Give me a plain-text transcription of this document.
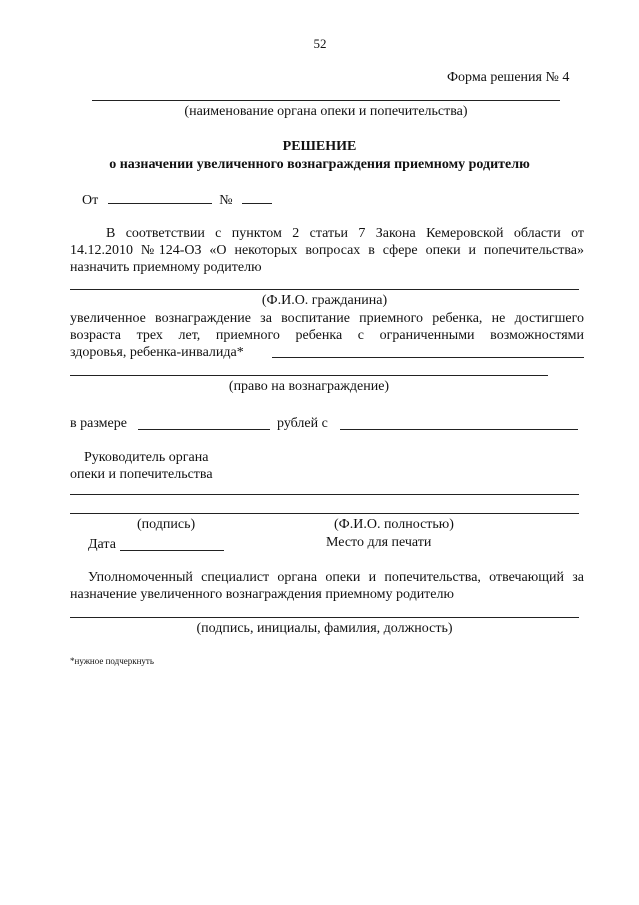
52
Форма решения № 4
(наименование органа опеки и попечительства)
РЕШЕНИЕ
о назначении увеличенного вознаграждения приемному родителю
От	№
В соответствии с пунктом 2 статьи 7 Закона Кемеровской области от
14.12.2010 №124-ОЗ «О некоторых вопросах в сфере опеки и попечительства»
назначить приемному родителю
(Ф.И.О. гражданина)
увеличенное вознаграждение за воспитание приемного ребенка, не достигшего
возраста трех лет, приемного ребенка с ограниченными возможностями
здоровья, ребенка-инвалида*
(право на вознаграждение)
в размере	рублей с
Руководитель органа
опеки и попечительства
(подпись)	(Ф.И.О. полностью)
Дата	Место для печати
Уполномоченный специалист органа опеки и попечительства, отвечающий за
назначение увеличенного вознаграждения приемному родителю
(подпись, инициалы, фамилия, должность)
*нужное подчеркнуть
